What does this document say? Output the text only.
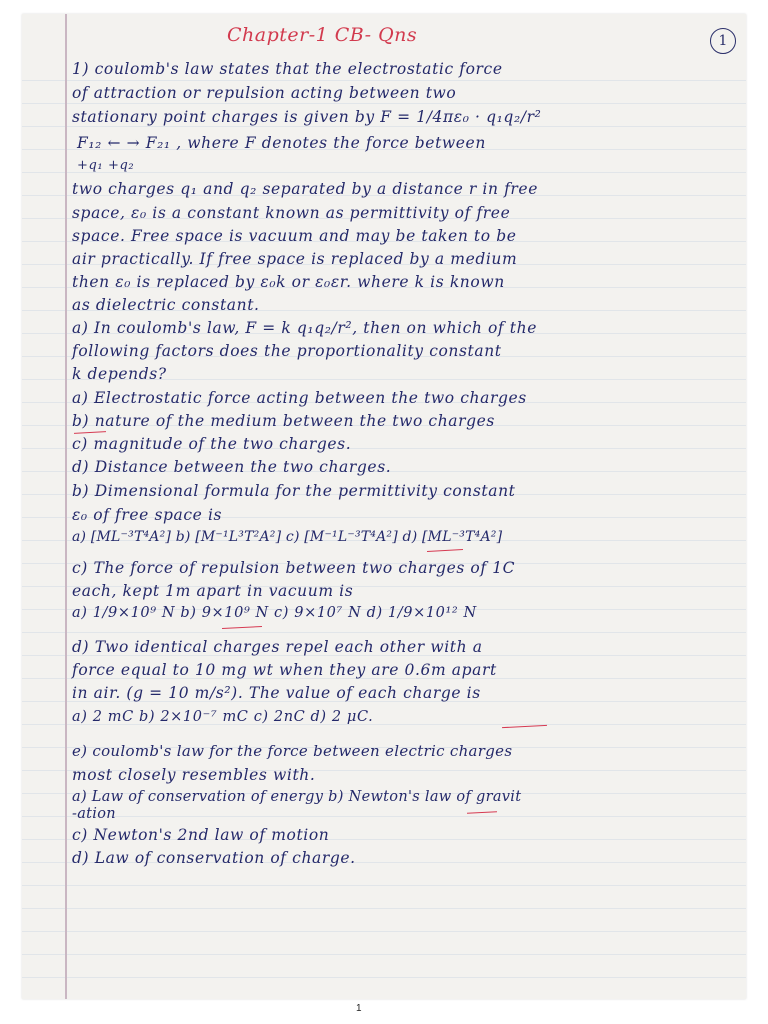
Chapter-1 CB- Qns	1
1) coulomb's law states that the electrostatic force
of attraction or repulsion acting between two
stationary point charges is given by F = 1/4πε₀ · q₁q₂/r²
F₁₂ ← → F₂₁ , where F denotes the force between
+q₁ +q₂
two charges q₁ and q₂ separated by a distance r in free
space, ε₀ is a constant known as permittivity of free
space. Free space is vacuum and may be taken to be
air practically. If free space is replaced by a medium
then ε₀ is replaced by ε₀k or ε₀εr. where k is known
as dielectric constant.
a) In coulomb's law, F = k q₁q₂/r², then on which of the
following factors does the proportionality constant
k depends?
a) Electrostatic force acting between the two charges
b) nature of the medium between the two charges
c) magnitude of the two charges.
d) Distance between the two charges.
b) Dimensional formula for the permittivity constant
ε₀ of free space is
a) [ML⁻³T⁴A²] b) [M⁻¹L³T²A²] c) [M⁻¹L⁻³T⁴A²] d) [ML⁻³T⁴A²]
c) The force of repulsion between two charges of 1C
each, kept 1m apart in vacuum is
a) 1/9×10⁹ N b) 9×10⁹ N c) 9×10⁷ N d) 1/9×10¹² N
d) Two identical charges repel each other with a
force equal to 10 mg wt when they are 0.6m apart
in air. (g = 10 m/s²). The value of each charge is
a) 2 mC b) 2×10⁻⁷ mC c) 2nC d) 2 μC.
e) coulomb's law for the force between electric charges
most closely resembles with.
a) Law of conservation of energy b) Newton's law of gravit
-ation
c) Newton's 2nd law of motion
d) Law of conservation of charge.
1
